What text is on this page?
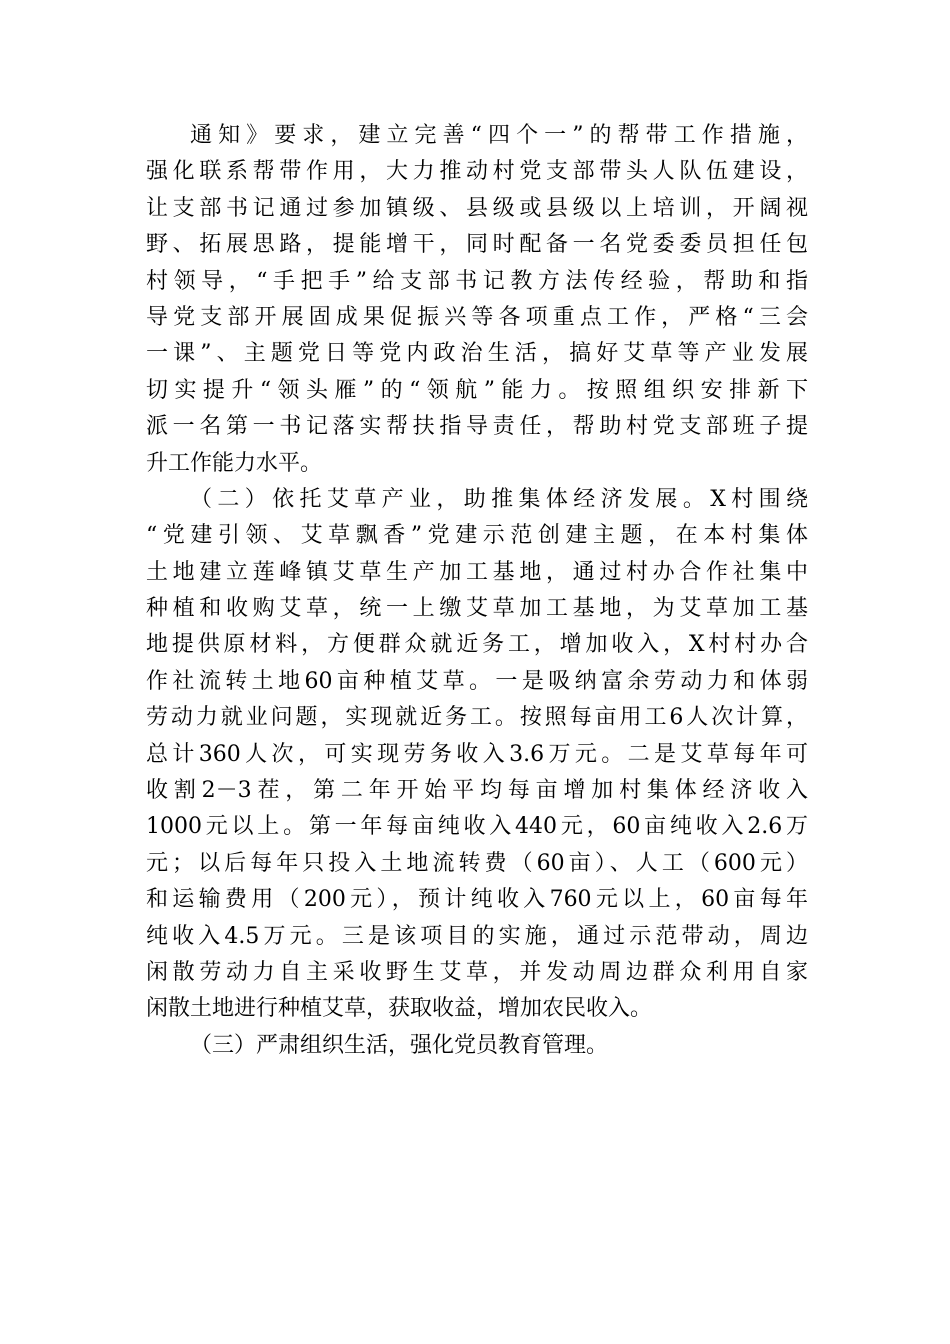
通知》要求，建立完善“四个一”的帮带工作措施，
强化联系帮带作用，大力推动村党支部带头人队伍建设，
让支部书记通过参加镇级、县级或县级以上培训，开阔视
野、拓展思路，提能增干，同时配备一名党委委员担任包
村领导，“手把手”给支部书记教方法传经验，帮助和指
导党支部开展固成果促振兴等各项重点工作，严格“三会
一课”、主题党日等党内政治生活，搞好艾草等产业发展
切实提升“领头雁”的“领航”能力。按照组织安排新下
派一名第一书记落实帮扶指导责任，帮助村党支部班子提
升工作能力水平。
（二）依托艾草产业，助推集体经济发展。X村围绕
“党建引领、艾草飘香”党建示范创建主题，在本村集体
土地建立莲峰镇艾草生产加工基地，通过村办合作社集中
种植和收购艾草，统一上缴艾草加工基地，为艾草加工基
地提供原材料，方便群众就近务工，增加收入，X村村办合
作社流转土地60亩种植艾草。一是吸纳富余劳动力和体弱
劳动力就业问题，实现就近务工。按照每亩用工6人次计算，
总计360人次，可实现劳务收入3.6万元。二是艾草每年可
收割2－3茬，第二年开始平均每亩增加村集体经济收入
1000元以上。第一年每亩纯收入440元，60亩纯收入2.6万
元；以后每年只投入土地流转费（60亩）、人工（600元）
和运输费用（200元），预计纯收入760元以上，60亩每年
纯收入4.5万元。三是该项目的实施，通过示范带动，周边
闲散劳动力自主采收野生艾草，并发动周边群众利用自家
闲散土地进行种植艾草，获取收益，增加农民收入。
（三）严肃组织生活，强化党员教育管理。
